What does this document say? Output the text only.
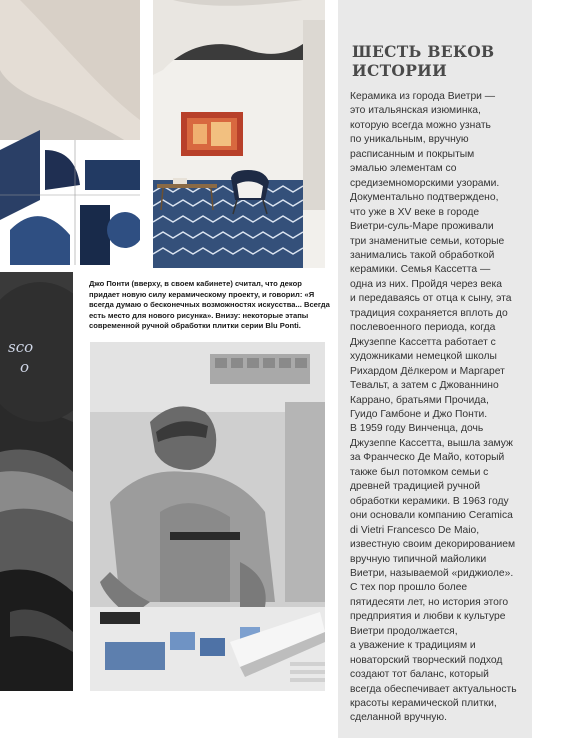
sco
o

Джо Понти (вверху, в своем кабинете) считал, что декор
придает новую силу керамическому проекту, и говорил: «Я
всегда думаю о бесконечных возможностях искусства... Всегда
есть место для нового рисунка». Внизу: некоторые этапы
современной ручной обработки плитки серии Blu Ponti.

ШЕСТЬ ВЕКОВ
ИСТОРИИ

Керамика из города Виетри —
это итальянская изюминка,
которую всегда можно узнать
по уникальным, вручную
расписанным и покрытым
эмалью элементам со
средиземноморскими узорами.
Документально подтверждено,
что уже в XV веке в городе
Виетри-суль-Маре проживали
три знаменитые семьи, которые
занимались такой обработкой
керамики. Семья Кассетта —
одна из них. Пройдя через века
и передаваясь от отца к сыну, эта
традиция сохраняется вплоть до
послевоенного периода, когда
Джузеппе Кассетта работает с
художниками немецкой школы
Рихардом Дёлкером и Маргарет
Тевальт, а затем с Джованнино
Каррано, братьями Прочида,
Гуидо Гамбоне и Джо Понти.
В 1959 году Винченца, дочь
Джузеппе Кассетта, вышла замуж
за Франческо Де Майо, который
также был потомком семьи с
древней традицией ручной
обработки керамики. В 1963 году
они основали компанию Ceramica
di Vietri Francesco De Maio,
известную своим декорированием
вручную типичной майолики
Виетри, называемой «риджиоле».
С тех пор прошло более
пятидесяти лет, но история этого
предприятия и любви к культуре
Виетри продолжается,
а уважение к традициям и
новаторский творческий подход
создают тот баланс, который
всегда обеспечивает актуальность
красоты керамической плитки,
сделанной вручную.
